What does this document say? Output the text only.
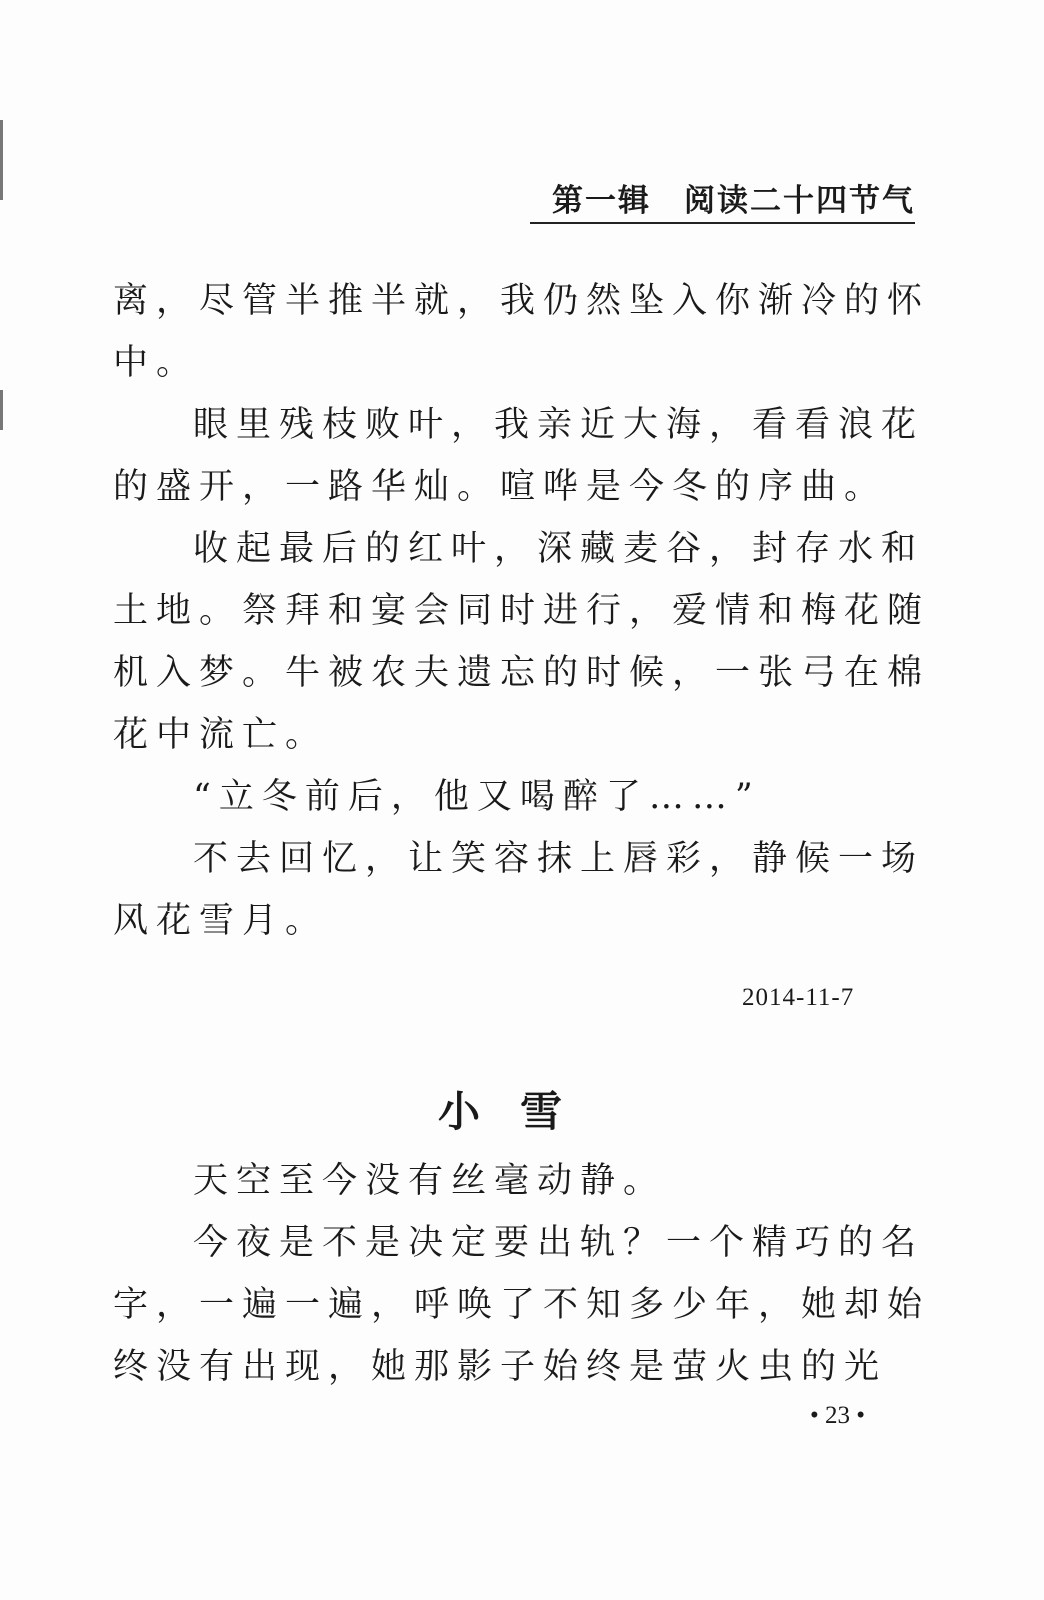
第一辑　阅读二十四节气
离，尽管半推半就，我仍然坠入你渐冷的怀
中。
眼里残枝败叶，我亲近大海，看看浪花
的盛开，一路华灿。喧哗是今冬的序曲。
收起最后的红叶，深藏麦谷，封存水和
土地。祭拜和宴会同时进行，爱情和梅花随
机入梦。牛被农夫遗忘的时候，一张弓在棉
花中流亡。
“立冬前后，他又喝醉了……”
不去回忆，让笑容抹上唇彩，静候一场
风花雪月。
2014-11-7
小雪
天空至今没有丝毫动静。
今夜是不是决定要出轨？一个精巧的名
字，一遍一遍，呼唤了不知多少年，她却始
终没有出现，她那影子始终是萤火虫的光
• 23 •
